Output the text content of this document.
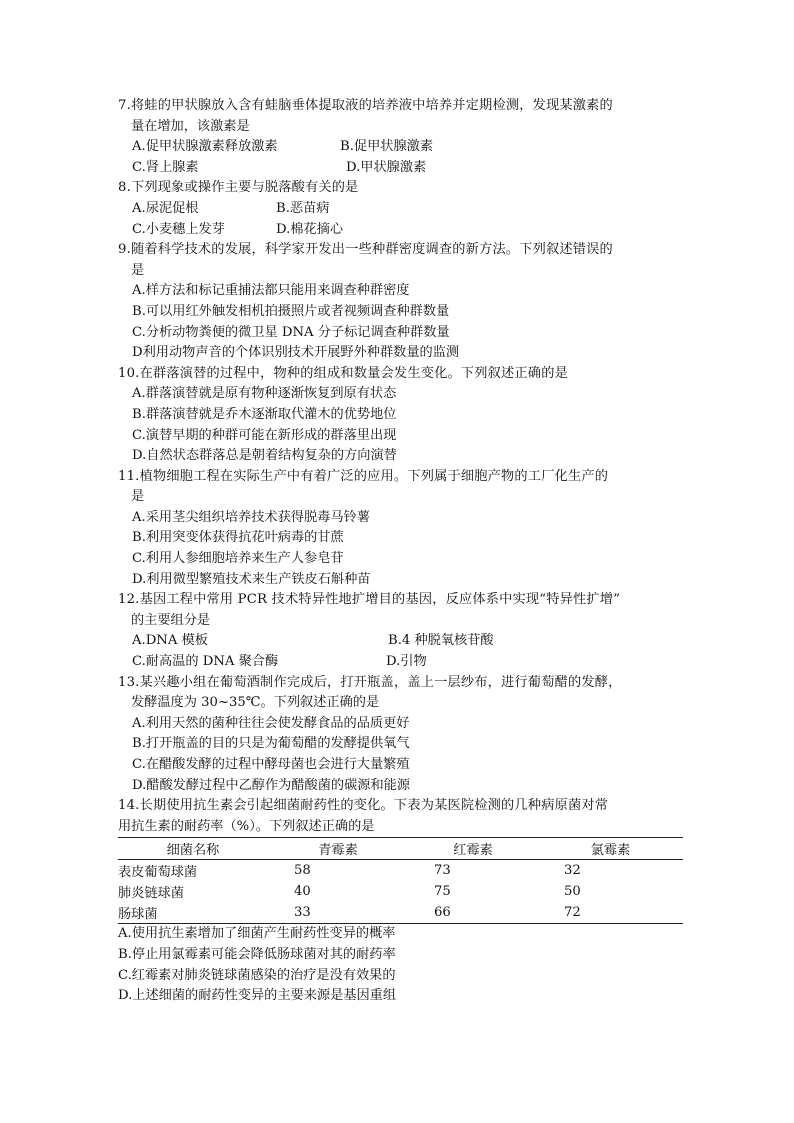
7.将蛙的甲状腺放入含有蛙脑垂体提取液的培养液中培养并定期检测，发现某激素的
量在增加，该激素是
A.促甲状腺激素释放激素	B.促甲状腺激素
C.肾上腺素	D.甲状腺激素
8.下列现象或操作主要与脱落酸有关的是
A.尿泥促根	B.恶苗病
C.小麦穗上发芽	D.棉花摘心
9.随着科学技术的发展，科学家开发出一些种群密度调查的新方法。下列叙述错误的
是
A.样方法和标记重捕法都只能用来调查种群密度
B.可以用红外触发相机拍摄照片或者视频调查种群数量
C.分析动物粪便的微卫星 DNA 分子标记调查种群数量
D利用动物声音的个体识别技术开展野外种群数量的监测
10.在群落演替的过程中，物种的组成和数量会发生变化。下列叙述正确的是
A.群落演替就是原有物种逐渐恢复到原有状态
B.群落演替就是乔木逐渐取代灌木的优势地位
C.演替早期的种群可能在新形成的群落里出现
D.自然状态群落总是朝着结构复杂的方向演替
11.植物细胞工程在实际生产中有着广泛的应用。下列属于细胞产物的工厂化生产的
是
A.采用茎尖组织培养技术获得脱毒马铃薯
B.利用突变体获得抗花叶病毒的甘蔗
C.利用人参细胞培养来生产人参皂苷
D.利用微型繁殖技术来生产铁皮石斛种苗
12.基因工程中常用 PCR 技术特异性地扩增目的基因，反应体系中实现“特异性扩增”
的主要组分是
A.DNA 模板	B.4 种脱氧核苷酸
C.耐高温的 DNA 聚合酶	D.引物
13.某兴趣小组在葡萄酒制作完成后，打开瓶盖，盖上一层纱布，进行葡萄醋的发酵，
发酵温度为 30~35℃。下列叙述正确的是
A.利用天然的菌种往往会使发酵食品的品质更好
B.打开瓶盖的目的只是为葡萄醋的发酵提供氧气
C.在醋酸发酵的过程中酵母菌也会进行大量繁殖
D.醋酸发酵过程中乙醇作为醋酸菌的碳源和能源
14.长期使用抗生素会引起细菌耐药性的变化。下表为某医院检测的几种病原菌对常
用抗生素的耐药率（%）。下列叙述正确的是
细菌名称	青霉素	红霉素	氯霉素
表皮葡萄球菌	58	73	32
肺炎链球菌	40	75	50
肠球菌	33	66	72
A.使用抗生素增加了细菌产生耐药性变异的概率
B.停止用氯霉素可能会降低肠球菌对其的耐药率
C.红霉素对肺炎链球菌感染的治疗是没有效果的
D.上述细菌的耐药性变异的主要来源是基因重组
